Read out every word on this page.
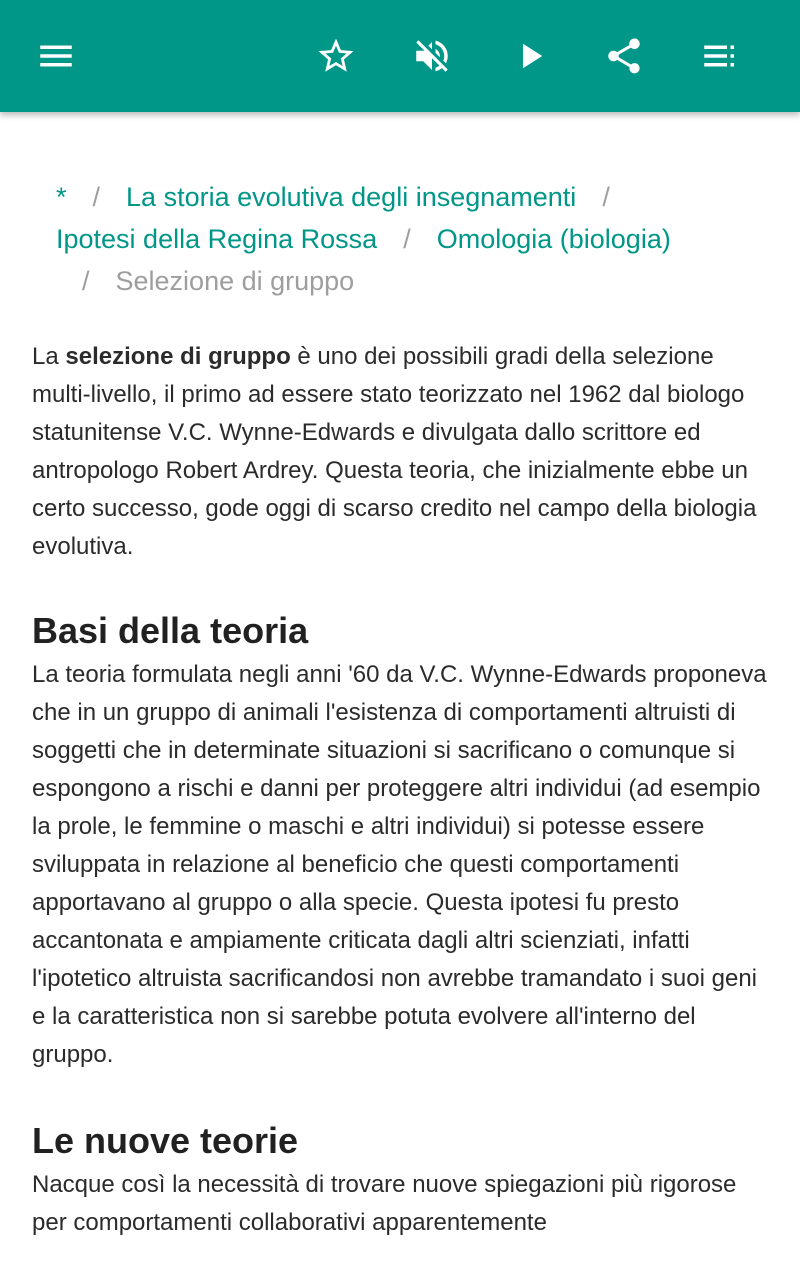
* / La storia evolutiva degli insegnamenti /
Ipotesi della Regina Rossa / Omologia (biologia)
/ Selezione di gruppo

La selezione di gruppo è uno dei possibili gradi della selezione multi-livello, il primo ad essere stato teorizzato nel 1962 dal biologo statunitense V.C. Wynne-Edwards e divulgata dallo scrittore ed antropologo Robert Ardrey. Questa teoria, che inizialmente ebbe un certo successo, gode oggi di scarso credito nel campo della biologia evolutiva.

Basi della teoria

La teoria formulata negli anni '60 da V.C. Wynne-Edwards proponeva che in un gruppo di animali l'esistenza di comportamenti altruisti di soggetti che in determinate situazioni si sacrificano o comunque si espongono a rischi e danni per proteggere altri individui (ad esempio la prole, le femmine o maschi e altri individui) si potesse essere sviluppata in relazione al beneficio che questi comportamenti apportavano al gruppo o alla specie. Questa ipotesi fu presto accantonata e ampiamente criticata dagli altri scienziati, infatti l'ipotetico altruista sacrificandosi non avrebbe tramandato i suoi geni e la caratteristica non si sarebbe potuta evolvere all'interno del gruppo.

Le nuove teorie

Nacque così la necessità di trovare nuove spiegazioni più rigorose per comportamenti collaborativi apparentemente
